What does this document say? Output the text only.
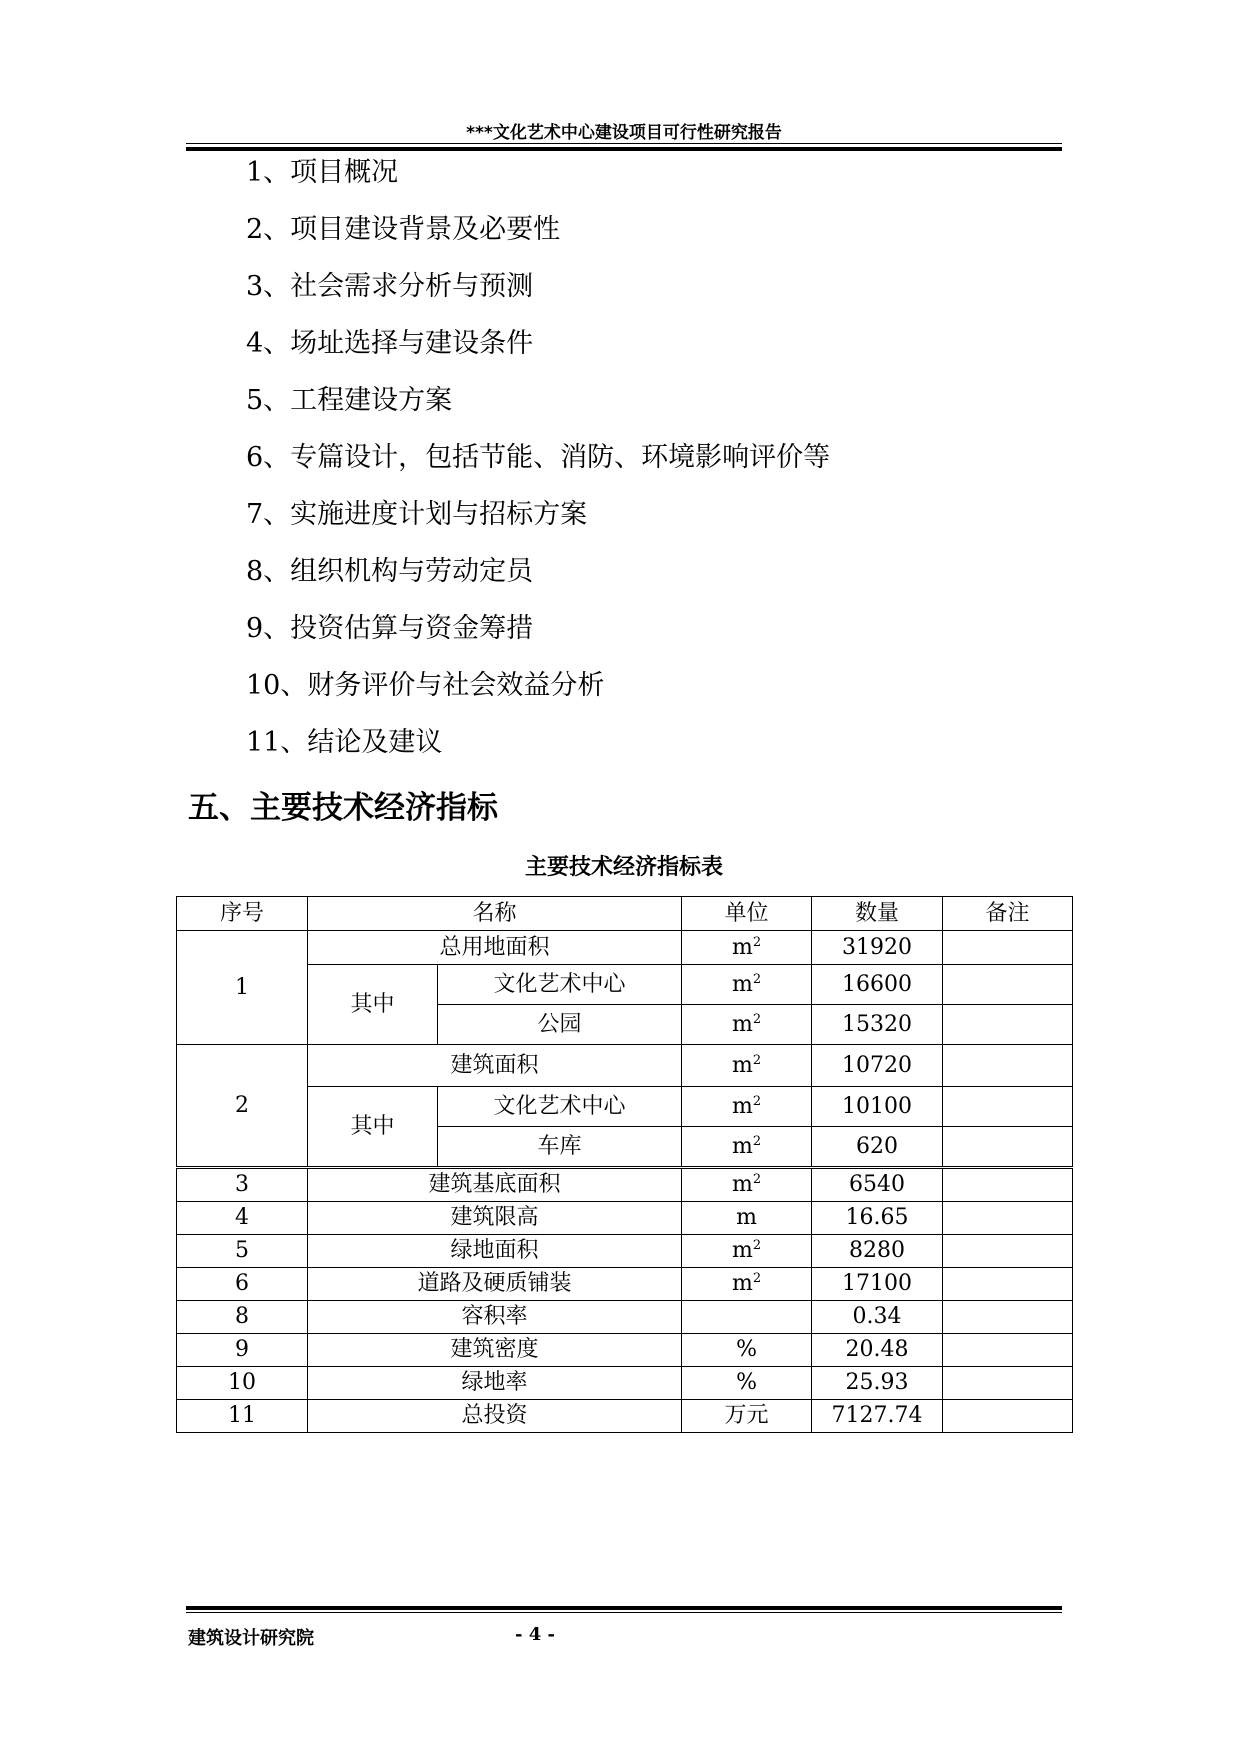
***文化艺术中心建设项目可行性研究报告
1、项目概况
2、项目建设背景及必要性
3、社会需求分析与预测
4、场址选择与建设条件
5、工程建设方案
6、专篇设计，包括节能、消防、环境影响评价等
7、实施进度计划与招标方案
8、组织机构与劳动定员
9、投资估算与资金筹措
10、财务评价与社会效益分析
11、结论及建议
五、主要技术经济指标
主要技术经济指标表
序号	名称		单位	数量	备注
1	总用地面积		$m^2$	31920	
	其中	文化艺术中心	$m^2$	16600	
		公园	$m^2$	15320	
2	建筑面积		$m^2$	10720	
	其中	文化艺术中心	$m^2$	10100	
		车库	$m^2$	620	
3	建筑基底面积		$m^2$	6540	
4	建筑限高		m	16.65	
5	绿地面积		$m^2$	8280	
6	道路及硬质铺装		$m^2$	17100	
8	容积率			0.34	
9	建筑密度		%	20.48	
10	绿地率		%	25.93	
11	总投资		万元	7127.74	
建筑设计研究院	- 4 -
